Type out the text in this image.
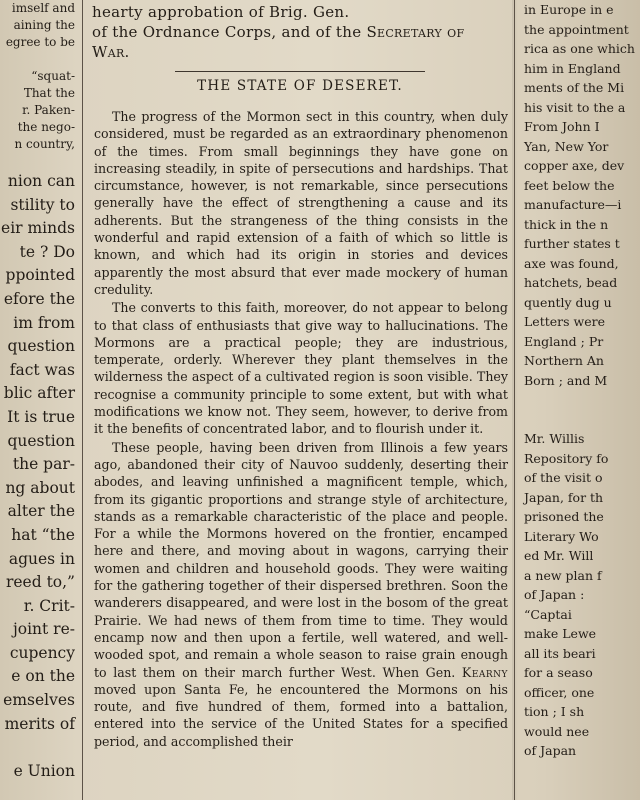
imself and
aining the
egree to be

“squat-
That the
r. Paken-
the nego-
n country,

nion can
stility to
eir minds
te ? Do
ppointed
efore the
im from
question
fact was
blic after
It is true
question
the par-
ng about
alter the
hat “the
agues in
reed to,”
r. Crit-
joint re-
cupency
e on the
emselves
merits of

e Union
hearty approbation of Brig. Gen.
of the Ordnance Corps, and of the Secretary of
War.
THE STATE OF DESERET.

The progress of the Mormon sect in this country, when duly considered, must be regarded as an extraordinary phenomenon of the times. From small beginnings they have gone on increasing steadily, in spite of persecutions and hardships. That circumstance, however, is not remarkable, since persecutions generally have the effect of strengthening a cause and its adherents. But the strangeness of the thing consists in the wonderful and rapid extension of a faith of which so little is known, and which had its origin in stories and devices apparently the most absurd that ever made mockery of human credulity.

The converts to this faith, moreover, do not appear to belong to that class of enthusiasts that give way to hallucinations. The Mormons are a practical people; they are industrious, temperate, orderly. Wherever they plant themselves in the wilderness the aspect of a cultivated region is soon visible. They recognise a community principle to some extent, but with what modifications we know not. They seem, however, to derive from it the benefits of concentrated labor, and to flourish under it.

These people, having been driven from Illinois a few years ago, abandoned their city of Nauvoo suddenly, deserting their abodes, and leaving unfinished a magnificent temple, which, from its gigantic proportions and strange style of architecture, stands as a remarkable characteristic of the place and people. For a while the Mormons hovered on the frontier, encamped here and there, and moving about in wagons, carrying their women and children and household goods. They were waiting for the gathering together of their dispersed brethren. Soon the wanderers disappeared, and were lost in the bosom of the great Prairie. We had news of them from time to time. They would encamp now and then upon a fertile, well watered, and well-wooded spot, and remain a whole season to raise grain enough to last them on their march further West. When Gen. Kearny moved upon Santa Fe, he encountered the Mormons on his route, and five hundred of them, formed into a battalion, entered into the service of the United States for a specified period, and accomplished their

in Europe in e
the appointment
rica as one which
him in England
ments of the Mi
his visit to the a
From John I
Yan, New Yor
copper axe, dev
feet below the
manufacture—i
thick in the n
further states t
axe was found,
hatchets, bead
quently dug u
Letters were
England ; Pr
Northern An
Born ; and M

Mr. Willis
Repository fo
of the visit o
Japan, for th
prisoned the
Literary Wo
ed Mr. Will
a new plan f
of Japan :
“Captai
make Lewe
all its beari
for a seaso
officer, one
tion ; I sh
would nee
of Japan
